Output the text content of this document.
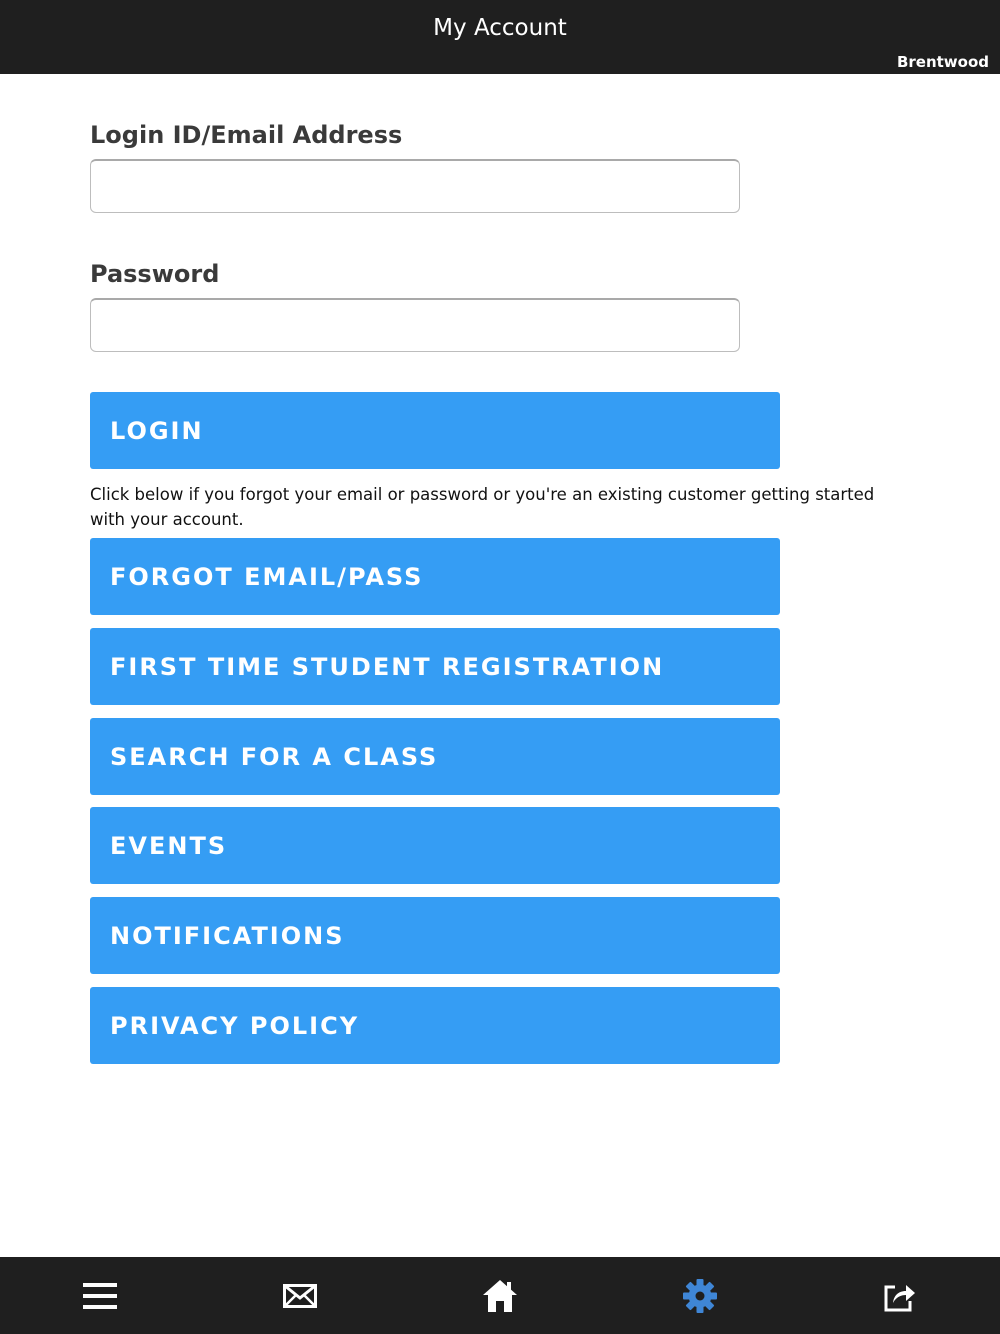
My Account
Brentwood
Login ID/Email Address
Password
LOGIN
Click below if you forgot your email or password or you're an existing customer getting started with your account.
FORGOT EMAIL/PASS
FIRST TIME STUDENT REGISTRATION
SEARCH FOR A CLASS
EVENTS
NOTIFICATIONS
PRIVACY POLICY
